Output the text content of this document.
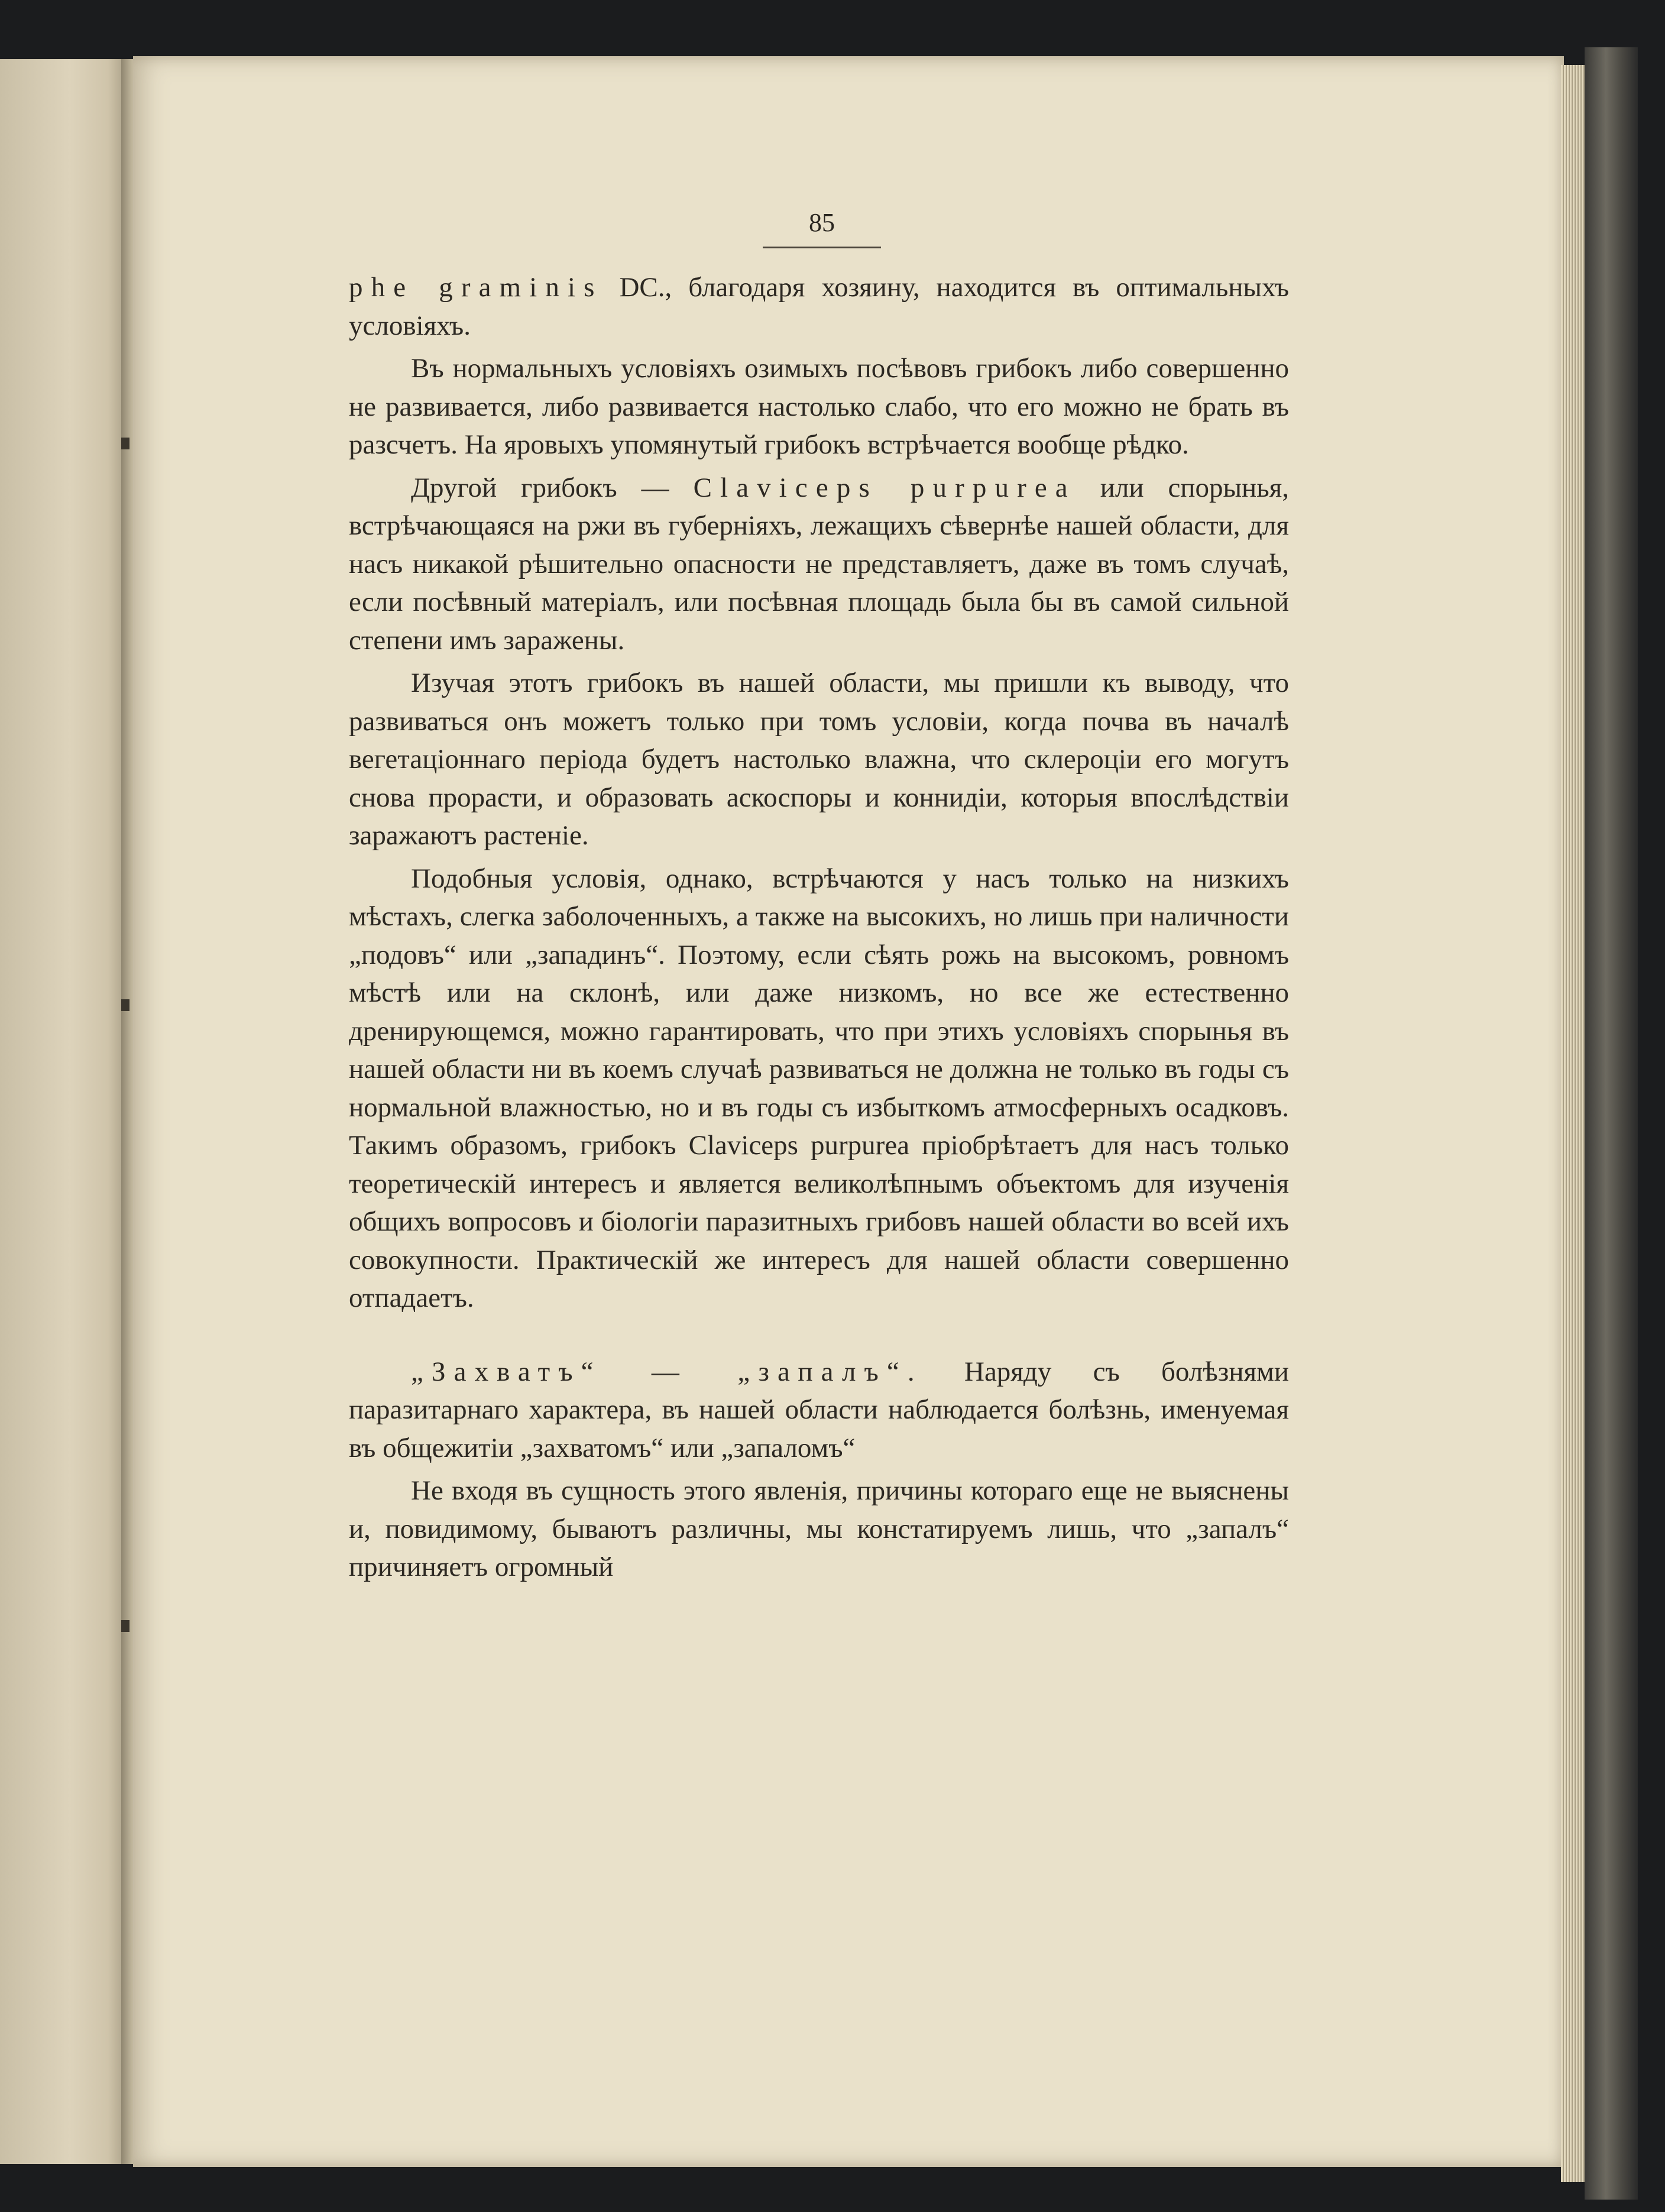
85

phe graminis DC., благодаря хозяину, находится въ оптимальныхъ условіяхъ.

Въ нормальныхъ условіяхъ озимыхъ посѣвовъ грибокъ либо совершенно не развивается, либо развивается настолько слабо, что его можно не брать въ разсчетъ. На яровыхъ упомянутый грибокъ встрѣчается вообще рѣдко.

Другой грибокъ — Claviceps purpurea или спорынья, встрѣчающаяся на ржи въ губерніяхъ, лежащихъ сѣвернѣе нашей области, для насъ никакой рѣшительно опасности не представляетъ, даже въ томъ случаѣ, если посѣвный матеріалъ, или посѣвная площадь была бы въ самой сильной степени имъ заражены.

Изучая этотъ грибокъ въ нашей области, мы пришли къ выводу, что развиваться онъ можетъ только при томъ условіи, когда почва въ началѣ вегетаціоннаго періода будетъ настолько влажна, что склероціи его могутъ снова прорасти, и образовать аскоспоры и коннидіи, которыя впослѣдствіи заражаютъ растеніе.

Подобныя условія, однако, встрѣчаются у насъ только на низкихъ мѣстахъ, слегка заболоченныхъ, а также на высокихъ, но лишь при наличности „подовъ“ или „западинъ“. Поэтому, если сѣять рожь на высокомъ, ровномъ мѣстѣ или на склонѣ, или даже низкомъ, но все же естественно дренирующемся, можно гарантировать, что при этихъ условіяхъ спорынья въ нашей области ни въ коемъ случаѣ развиваться не должна не только въ годы съ нормальной влажностью, но и въ годы съ избыткомъ атмосферныхъ осадковъ. Такимъ образомъ, грибокъ Claviceps purpurea пріобрѣтаетъ для насъ только теоретическій интересъ и является великолѣпнымъ объектомъ для изученія общихъ вопросовъ и біологіи паразитныхъ грибовъ нашей области во всей ихъ совокупности. Практическій же интересъ для нашей области совершенно отпадаетъ.

„Захватъ“ — „запалъ“. Наряду съ болѣзнями паразитарнаго характера, въ нашей области наблюдается болѣзнь, именуемая въ общежитіи „захватомъ“ или „запаломъ“

Не входя въ сущность этого явленія, причины котораго еще не выяснены и, повидимому, бываютъ различны, мы констатируемъ лишь, что „запалъ“ причиняетъ огромный
